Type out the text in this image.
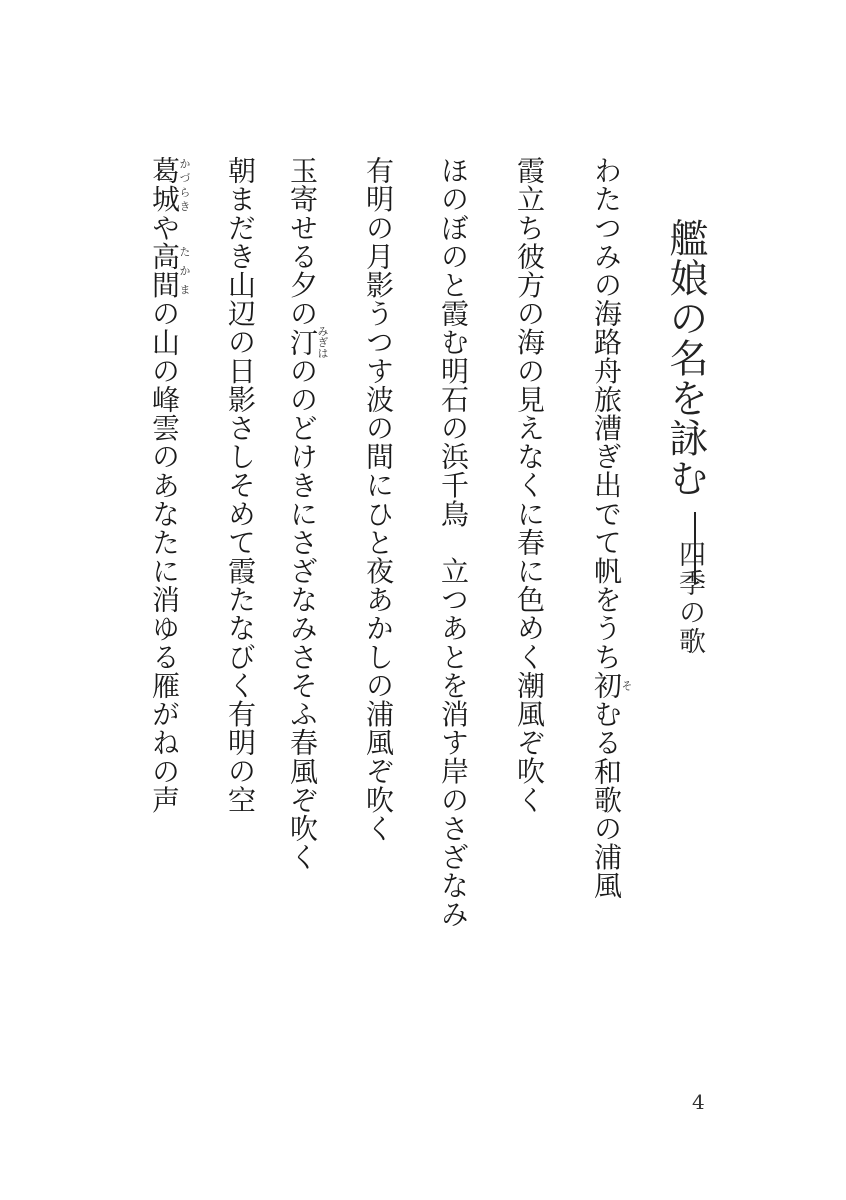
艦娘の名を詠む
四季の歌
わたつみの海路舟旅漕ぎ出でて帆をうち初そむる和歌の浦風
霞立ち彼方の海の見えなくに春に色めく潮風ぞ吹く
ほのぼのと霞む明石の浜千鳥　立つあとを消す岸のさざなみ
有明の月影うつす波の間にひと夜あかしの浦風ぞ吹く
玉寄せる夕の汀みぎはののどけきにさざなみさそふ春風ぞ吹く
朝まだき山辺の日影さしそめて霞たなびく有明の空
葛城かづらきや高間たかまの山の峰雲のあなたに消ゆる雁がねの声
4
